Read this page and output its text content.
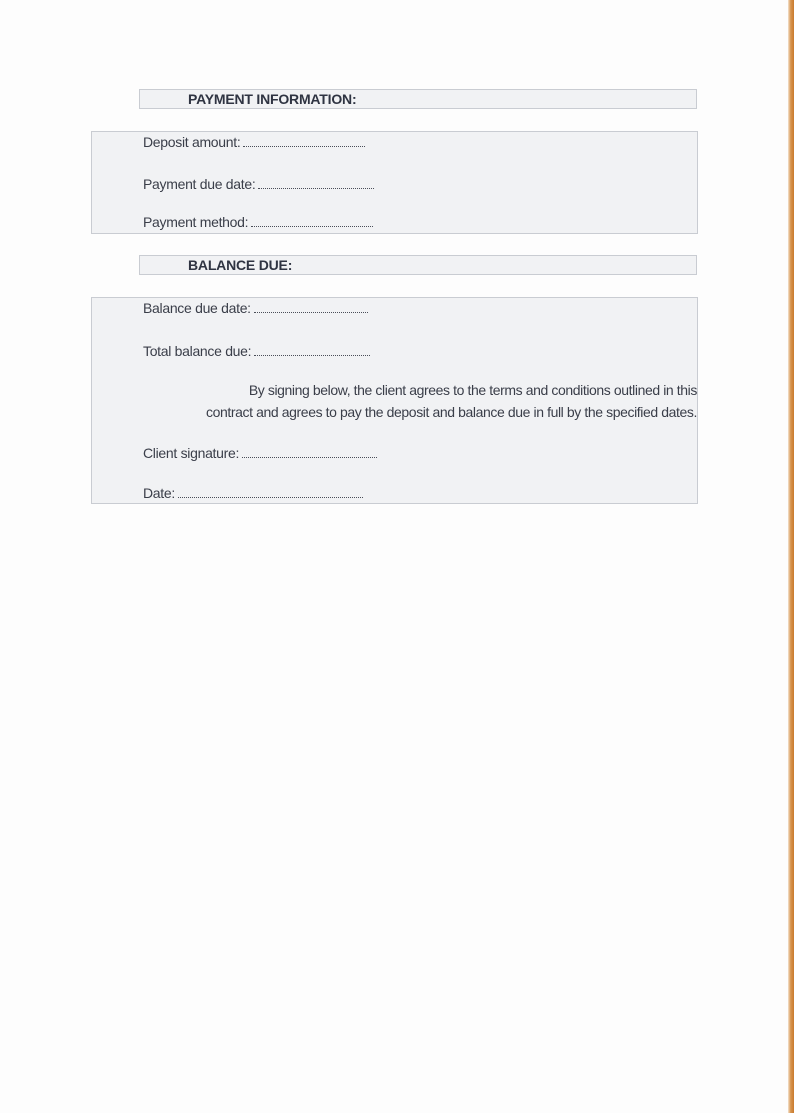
PAYMENT INFORMATION:
Deposit amount:
Payment due date:
Payment method:
BALANCE DUE:
Balance due date:
Total balance due:
By signing below, the client agrees to the terms and conditions outlined in this
contract and agrees to pay the deposit and balance due in full by the specified dates.
Client signature:
Date:
